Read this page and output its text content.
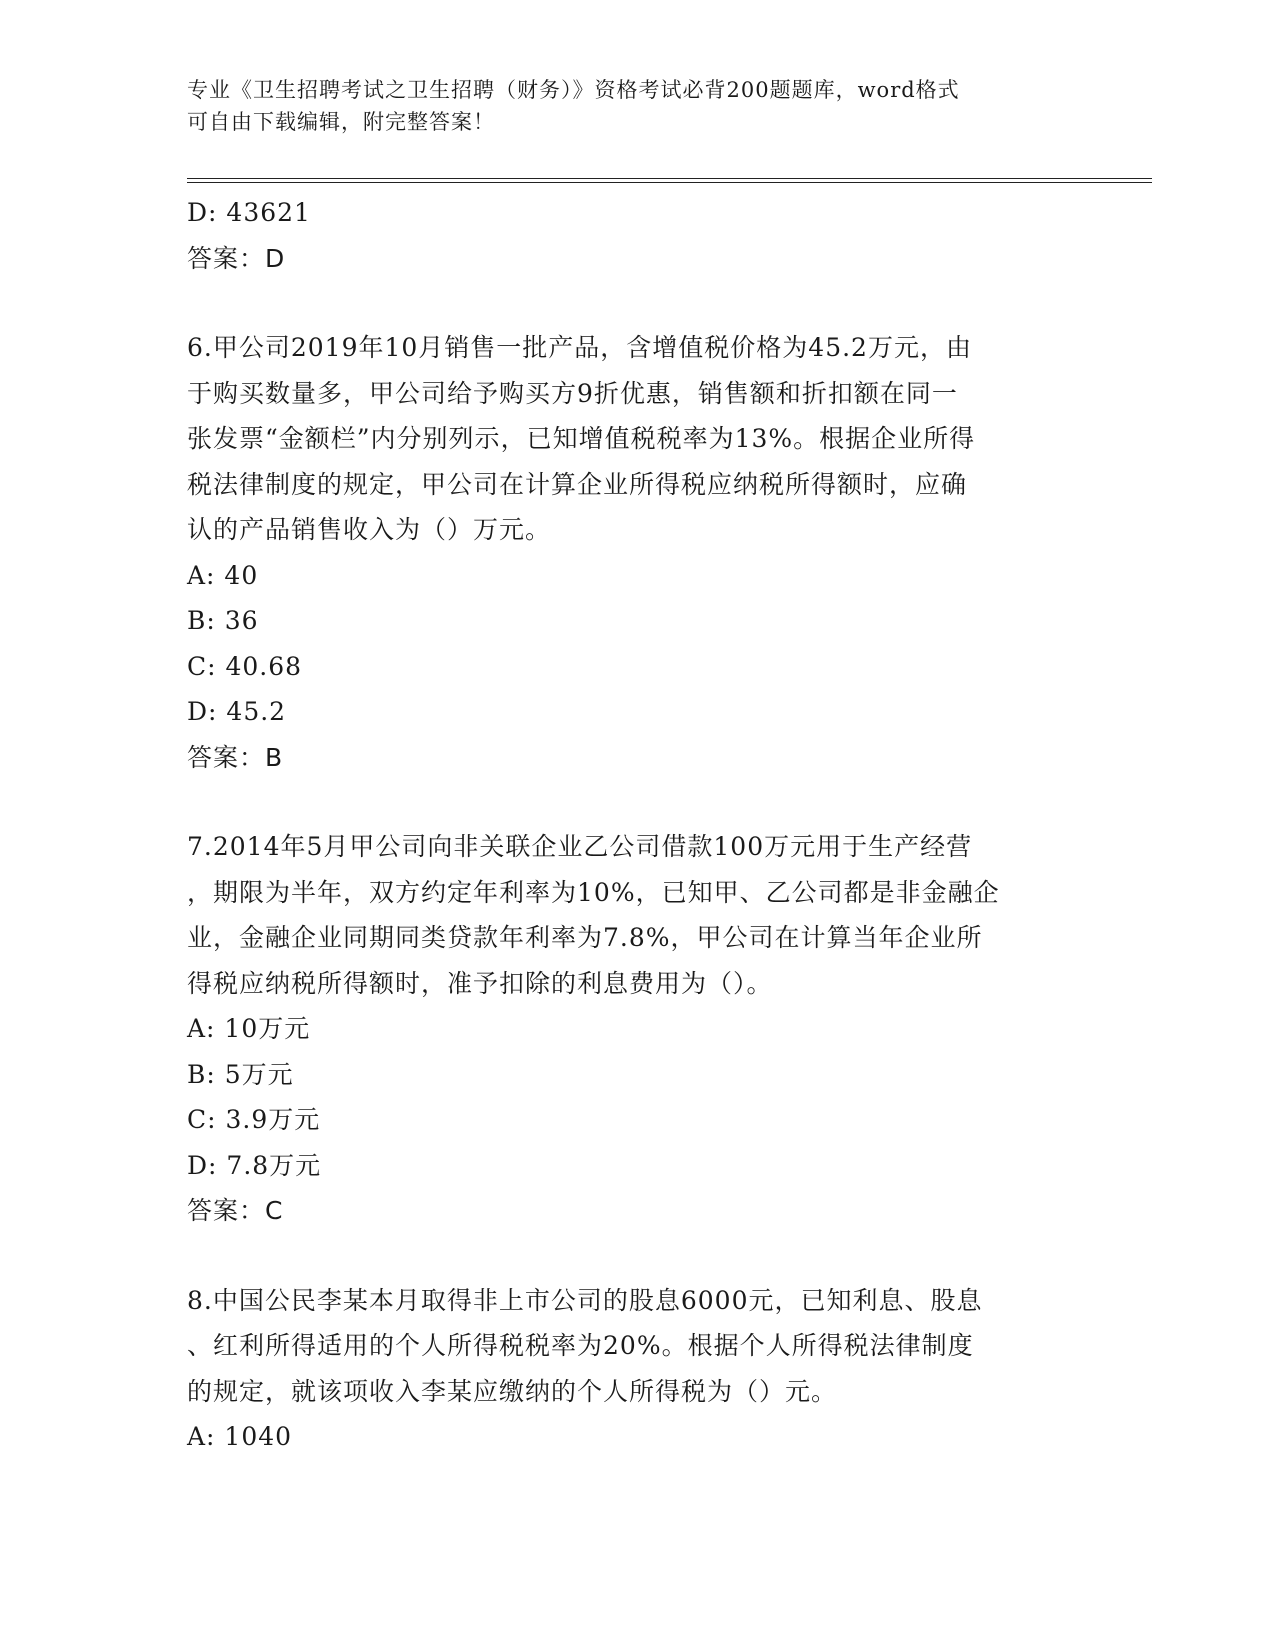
专业《卫生招聘考试之卫生招聘（财务）》资格考试必背200题题库，word格式
可自由下载编辑，附完整答案！
D: 43621
答案：D
6.甲公司2019年10月销售一批产品，含增值税价格为45.2万元，由
于购买数量多，甲公司给予购买方9折优惠，销售额和折扣额在同一
张发票“金额栏”内分别列示，已知增值税税率为13%。根据企业所得
税法律制度的规定，甲公司在计算企业所得税应纳税所得额时，应确
认的产品销售收入为（）万元。
A: 40
B: 36
C: 40.68
D: 45.2
答案：B
7.2014年5月甲公司向非关联企业乙公司借款100万元用于生产经营
，期限为半年，双方约定年利率为10%，已知甲、乙公司都是非金融企
业，金融企业同期同类贷款年利率为7.8%，甲公司在计算当年企业所
得税应纳税所得额时，准予扣除的利息费用为（）。
A: 10万元
B: 5万元
C: 3.9万元
D: 7.8万元
答案：C
8.中国公民李某本月取得非上市公司的股息6000元，已知利息、股息
、红利所得适用的个人所得税税率为20%。根据个人所得税法律制度
的规定，就该项收入李某应缴纳的个人所得税为（）元。
A: 1040
